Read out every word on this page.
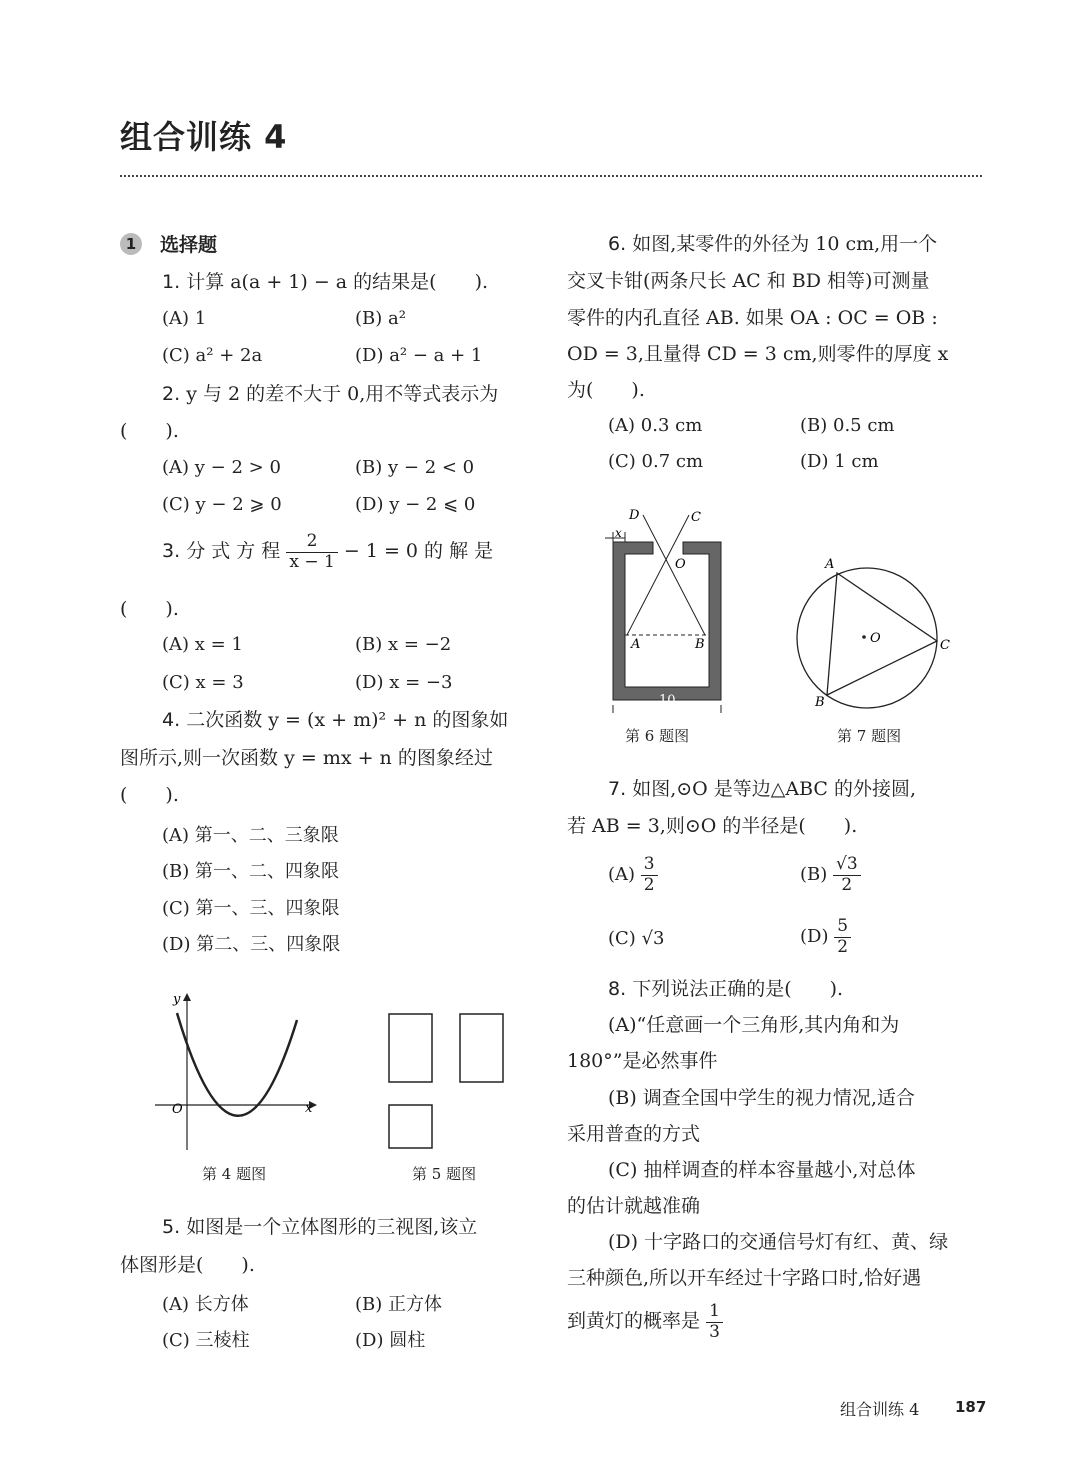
组合训练 4
1	选择题
1. 计算 a(a + 1) − a 的结果是(　　).
(A) 1	(B) a²
(C) a² + 2a	(D) a² − a + 1
2. y 与 2 的差不大于 0,用不等式表示为
(　　).
(A) y − 2 > 0	(B) y − 2 < 0
(C) y − 2 ⩾ 0	(D) y − 2 ⩽ 0
3. 分 式 方 程 $\frac{2}{x - 1} - 1 = 0$ 的 解 是
(　　).
(A) x = 1	(B) x = −2
(C) x = 3	(D) x = −3
4. 二次函数 y = (x + m)² + n 的图象如
图所示,则一次函数 y = mx + n 的图象经过
(　　).
(A) 第一、二、三象限
(B) 第一、二、四象限
(C) 第一、三、四象限
(D) 第二、三、四象限
y
x
O
第 4 题图	第 5 题图
5. 如图是一个立体图形的三视图,该立
体图形是(　　).
(A) 长方体	(B) 正方体
(C) 三棱柱	(D) 圆柱
6. 如图,某零件的外径为 10 cm,用一个
交叉卡钳(两条尺长 AC 和 BD 相等)可测量
零件的内孔直径 AB. 如果 OA : OC = OB :
OD = 3,且量得 CD = 3 cm,则零件的厚度 x
为(　　).
(A) 0.3 cm	(B) 0.5 cm
(C) 0.7 cm	(D) 1 cm
D	C
x
O
A	B
10
第 6 题图
A
B
C
O
第 7 题图
7. 如图,⊙O 是等边△ABC 的外接圆,
若 AB = 3,则⊙O 的半径是(　　).
$(A) \frac{3}{2}$	$(B) \frac{√3}{2}$
(C) √3	$(D) \frac{5}{2}$
8. 下列说法正确的是(　　).
(A)“任意画一个三角形,其内角和为
180°”是必然事件
(B) 调查全国中学生的视力情况,适合
采用普查的方式
(C) 抽样调查的样本容量越小,对总体
的估计就越准确
(D) 十字路口的交通信号灯有红、黄、绿
三种颜色,所以开车经过十字路口时,恰好遇
到黄灯的概率是 $\frac{1}{3}$
组合训练 4 187
